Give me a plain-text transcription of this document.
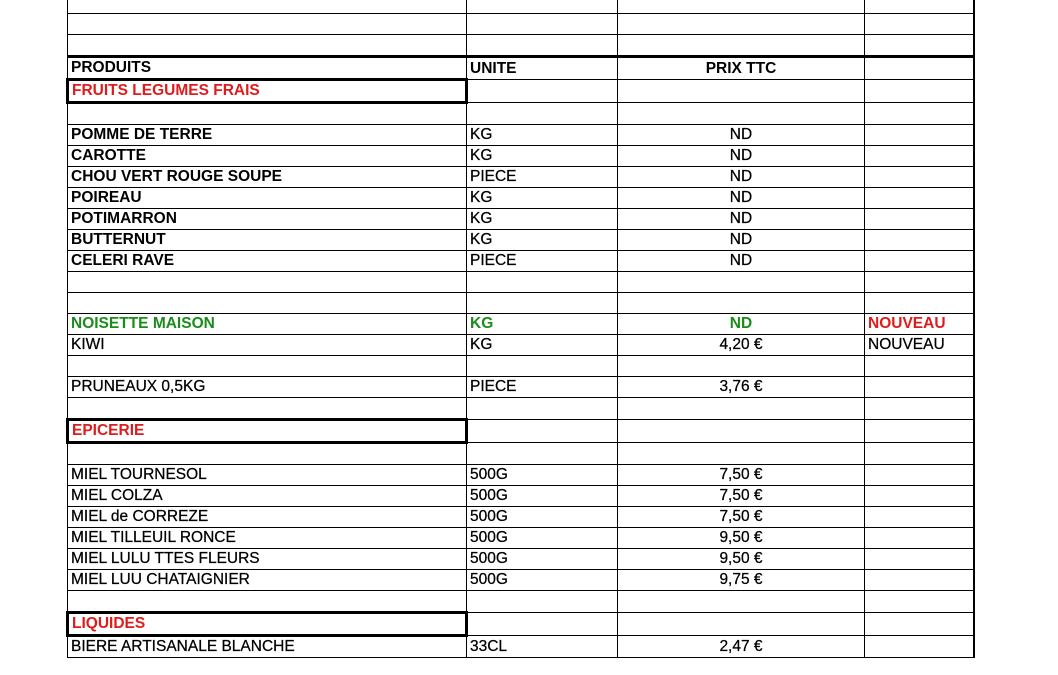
PRODUITS	UNITE	PRIX TTC	
FRUITS LEGUMES FRAIS			

POMME DE TERRE	KG	ND	
CAROTTE	KG	ND	
CHOU VERT ROUGE SOUPE	PIECE	ND	
POIREAU	KG	ND	
POTIMARRON	KG	ND	
BUTTERNUT	KG	ND	
CELERI RAVE	PIECE	ND	

NOISETTE MAISON	KG	ND	NOUVEAU
KIWI	KG	4,20 €	NOUVEAU

PRUNEAUX 0,5KG	PIECE	3,76 €	

EPICERIE			

MIEL TOURNESOL	500G	7,50 €	
MIEL COLZA	500G	7,50 €	
MIEL de CORREZE	500G	7,50 €	
MIEL TILLEUIL RONCE	500G	9,50 €	
MIEL LULU TTES FLEURS	500G	9,50 €	
MIEL LUU CHATAIGNIER	500G	9,75 €	

LIQUIDES			
BIERE ARTISANALE BLANCHE	33CL	2,47 €	
